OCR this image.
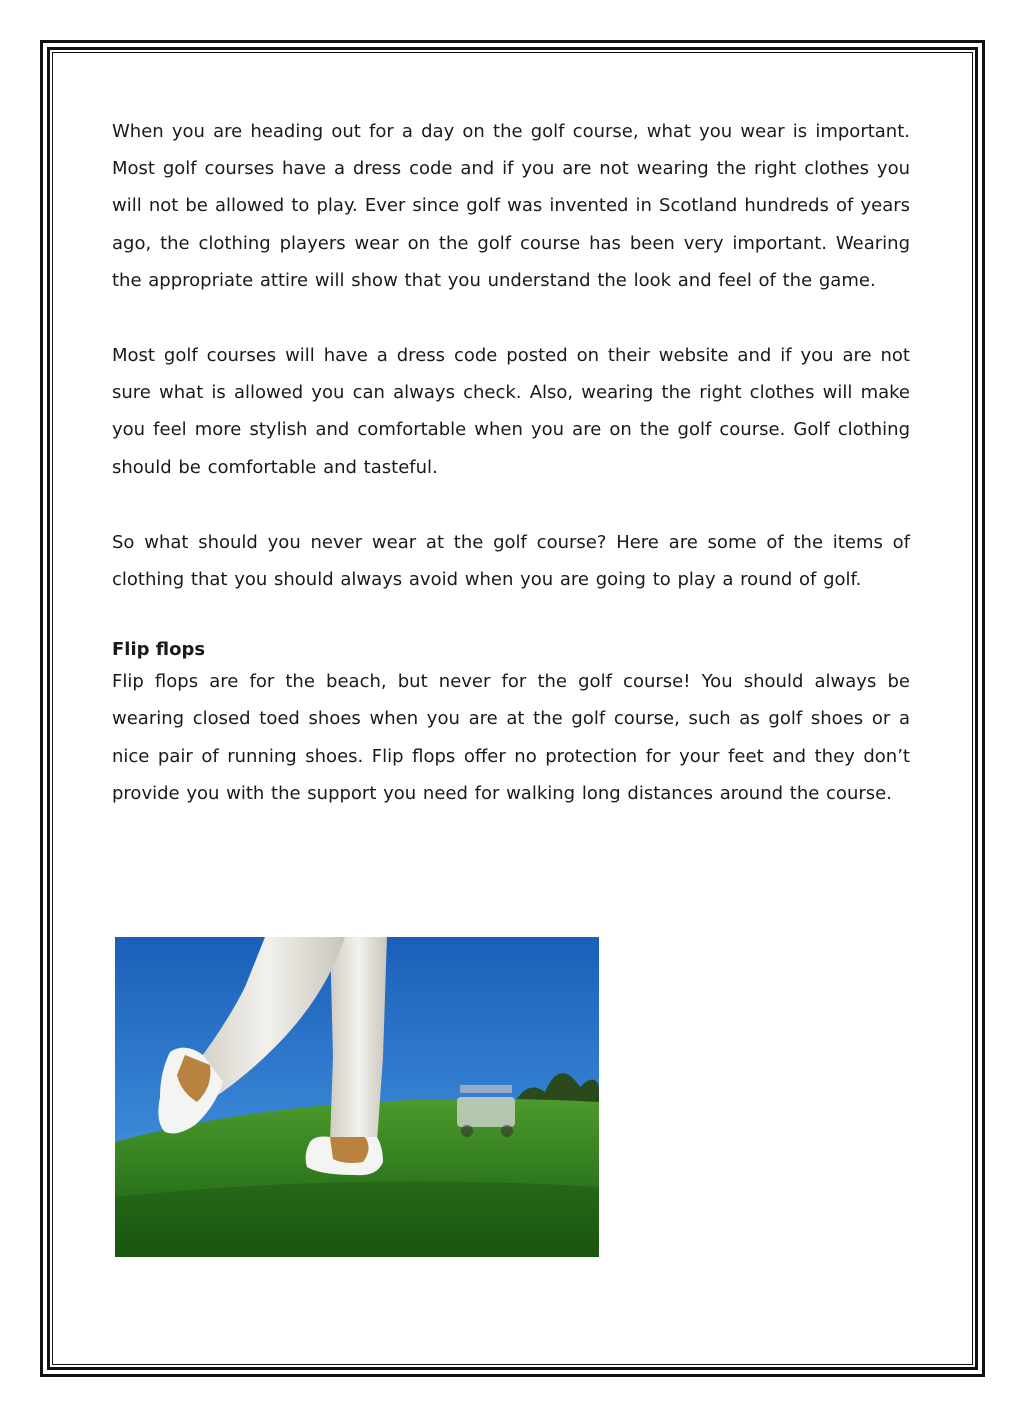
When you are heading out for a day on the golf course, what you wear is important. Most golf courses have a dress code and if you are not wearing the right clothes you will not be allowed to play. Ever since golf was invented in Scotland hundreds of years ago, the clothing players wear on the golf course has been very important. Wearing the appropriate attire will show that you understand the look and feel of the game.

Most golf courses will have a dress code posted on their website and if you are not sure what is allowed you can always check. Also, wearing the right clothes will make you feel more stylish and comfortable when you are on the golf course. Golf clothing should be comfortable and tasteful.

So what should you never wear at the golf course? Here are some of the items of clothing that you should always avoid when you are going to play a round of golf.

Flip flops

Flip flops are for the beach, but never for the golf course! You should always be wearing closed toed shoes when you are at the golf course, such as golf shoes or a nice pair of running shoes. Flip flops offer no protection for your feet and they don’t provide you with the support you need for walking long distances around the course.
